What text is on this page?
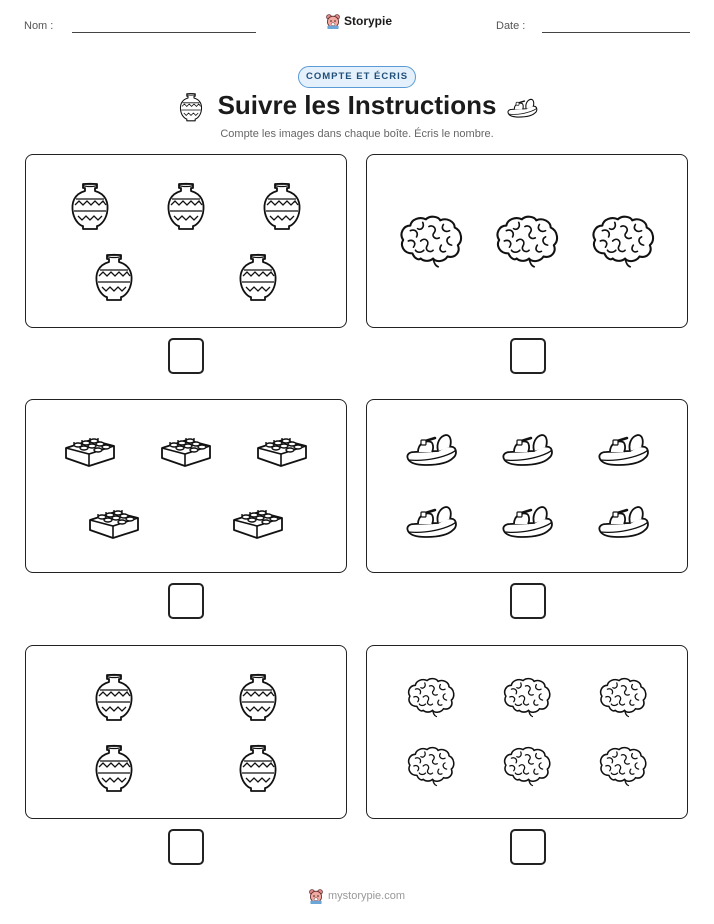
Nom :	Storypie	Date :
COMPTE ET ÉCRIS
Suivre les Instructions
Compte les images dans chaque boîte. Écris le nombre.
mystorypie.com
